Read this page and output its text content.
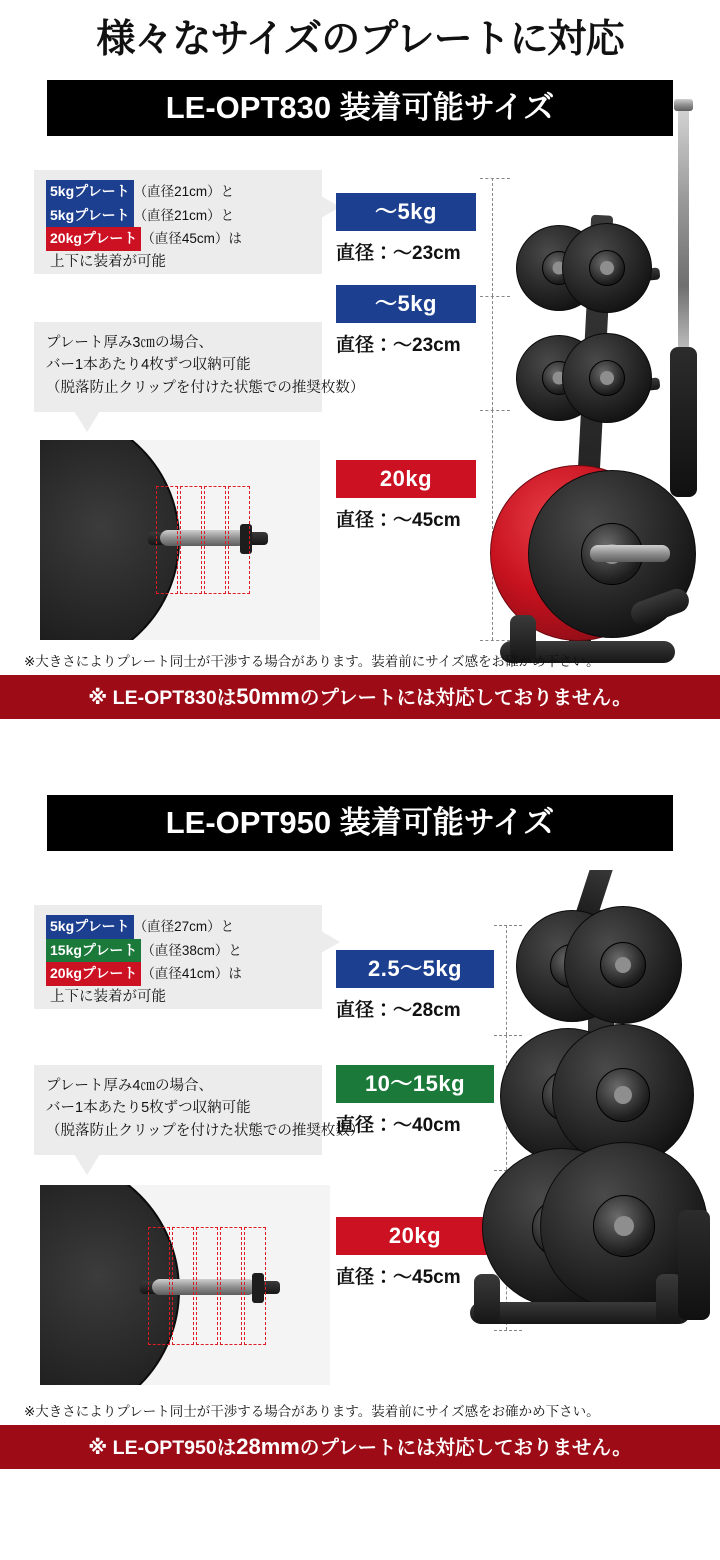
様々なサイズのプレートに対応
LE-OPT830 装着可能サイズ
5kgプレート （直径21cm）と
5kgプレート （直径21cm）と
20kgプレート （直径45cm）は
上下に装着が可能
プレート厚み3㎝の場合、
バー1本あたり4枚ずつ収納可能
（脱落防止クリップを付けた状態での推奨枚数）
～5kg
直径：～23cm
～5kg
直径：～23cm
20kg
直径：～45cm
※大きさによりプレート同士が干渉する場合があります。装着前にサイズ感をお確かめ下さい。
※ LE-OPT830は50mmのプレートには対応しておりません。
LE-OPT950 装着可能サイズ
5kgプレート （直径27cm）と
15kgプレート （直径38cm）と
20kgプレート （直径41cm）は
上下に装着が可能
プレート厚み4㎝の場合、
バー1本あたり5枚ずつ収納可能
（脱落防止クリップを付けた状態での推奨枚数）
2.5～5kg
直径：～28cm
10～15kg
直径：～40cm
20kg
直径：～45cm
※大きさによりプレート同士が干渉する場合があります。装着前にサイズ感をお確かめ下さい。
※ LE-OPT950は28mmのプレートには対応しておりません。
